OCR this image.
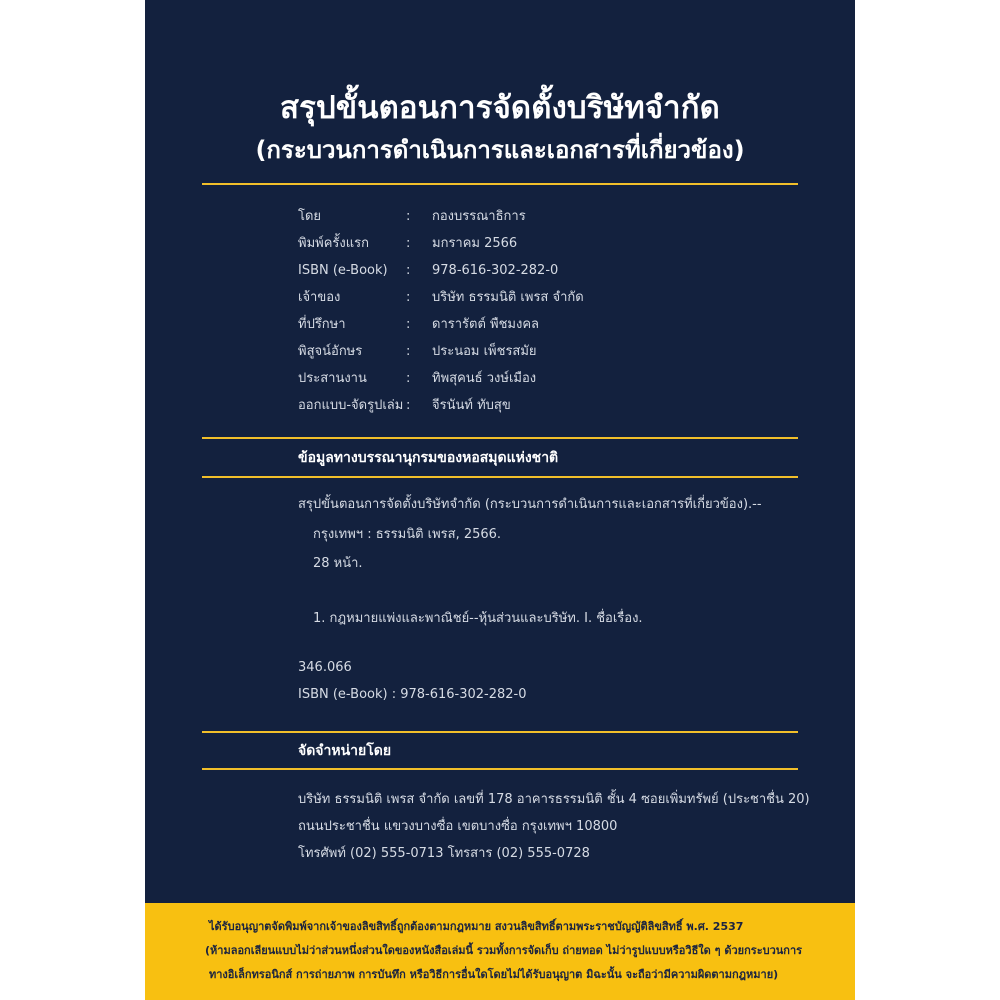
สรุปขั้นตอนการจัดตั้งบริษัทจำกัด
(กระบวนการดำเนินการและเอกสารที่เกี่ยวข้อง)
โดย	:	กองบรรณาธิการ
พิมพ์ครั้งแรก	:	มกราคม 2566
ISBN (e-Book)	:	978-616-302-282-0
เจ้าของ	:	บริษัท ธรรมนิติ เพรส จำกัด
ที่ปรึกษา	:	ดารารัตต์ พืชมงคล
พิสูจน์อักษร	:	ประนอม เพ็ชรสมัย
ประสานงาน	:	ทิพสุคนธ์ วงษ์เมือง
ออกแบบ-จัดรูปเล่ม :	จีรนันท์ ทับสุข
ข้อมูลทางบรรณานุกรมของหอสมุดแห่งชาติ
สรุปขั้นตอนการจัดตั้งบริษัทจำกัด (กระบวนการดำเนินการและเอกสารที่เกี่ยวข้อง).--
กรุงเทพฯ : ธรรมนิติ เพรส, 2566.
28 หน้า.
1. กฎหมายแพ่งและพาณิชย์--หุ้นส่วนและบริษัท. I. ชื่อเรื่อง.
346.066
ISBN (e-Book) : 978-616-302-282-0
จัดจำหน่ายโดย
บริษัท ธรรมนิติ เพรส จำกัด เลขที่ 178 อาคารธรรมนิติ ชั้น 4 ซอยเพิ่มทรัพย์ (ประชาชื่น 20)
ถนนประชาชื่น แขวงบางซื่อ เขตบางซื่อ กรุงเทพฯ 10800
โทรศัพท์ (02) 555-0713 โทรสาร (02) 555-0728
ได้รับอนุญาตจัดพิมพ์จากเจ้าของลิขสิทธิ์ถูกต้องตามกฎหมาย สงวนลิขสิทธิ์ตามพระราชบัญญัติลิขสิทธิ์ พ.ศ. 2537
(ห้ามลอกเลียนแบบไม่ว่าส่วนหนึ่งส่วนใดของหนังสือเล่มนี้ รวมทั้งการจัดเก็บ ถ่ายทอด ไม่ว่ารูปแบบหรือวิธีใด ๆ ด้วยกระบวนการ
ทางอิเล็กทรอนิกส์ การถ่ายภาพ การบันทึก หรือวิธีการอื่นใดโดยไม่ได้รับอนุญาต มิฉะนั้น จะถือว่ามีความผิดตามกฎหมาย)
